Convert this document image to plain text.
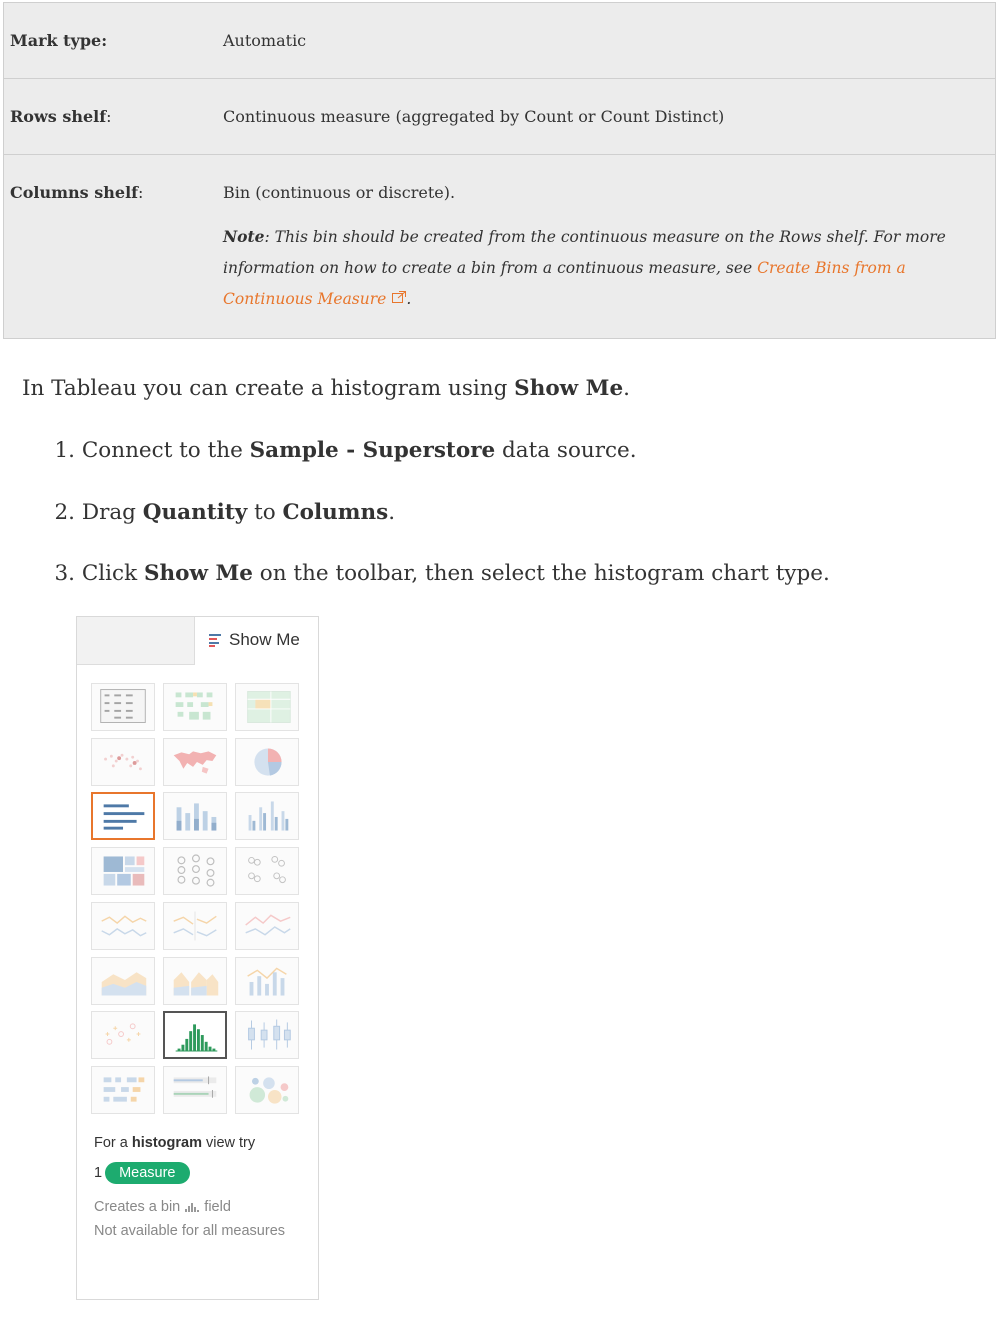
Mark type:	Automatic

Rows shelf:	Continuous measure (aggregated by Count or Count Distinct)

Columns shelf:	Bin (continuous or discrete).
Note: This bin should be created from the continuous measure on the Rows shelf. For more information on how to create a bin from a continuous measure, see Create Bins from a Continuous Measure .

In Tableau you can create a histogram using Show Me.

1. Connect to the Sample - Superstore data source.
2. Drag Quantity to Columns.
3. Click Show Me on the toolbar, then select the histogram chart type.
Show Me
For a histogram view try
1 Measure
Creates a bin  field
Not available for all measures
